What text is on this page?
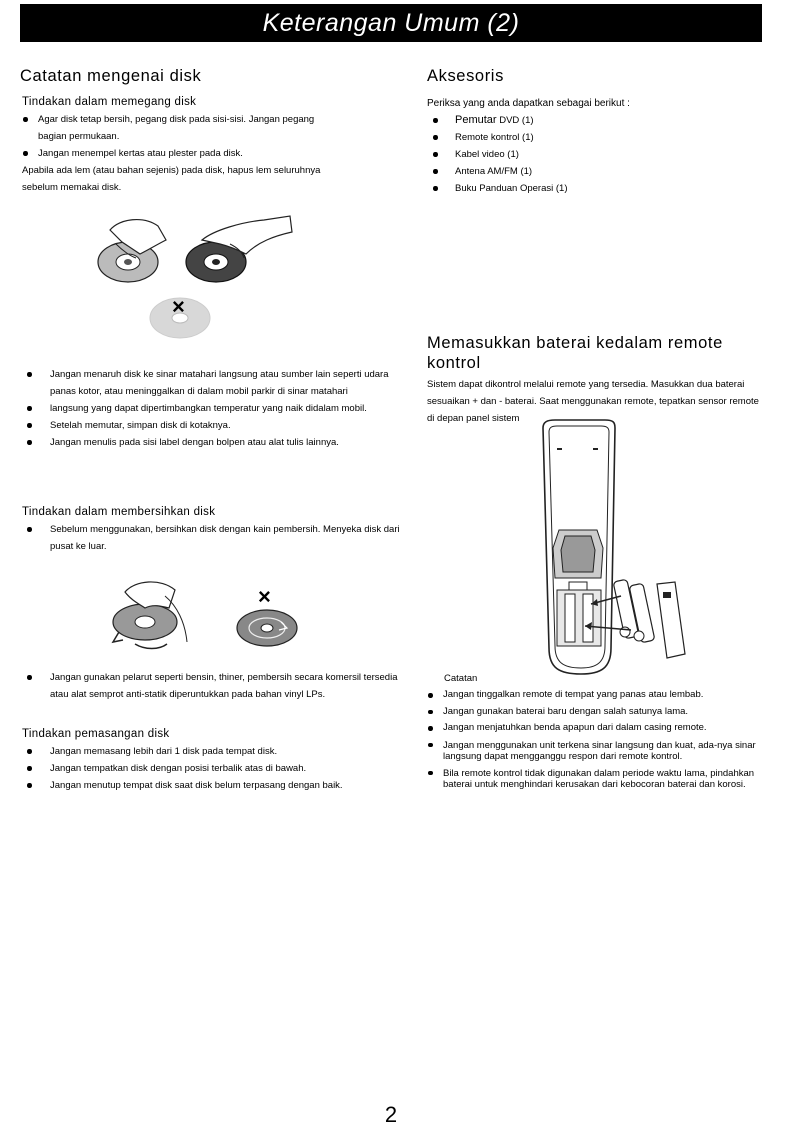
Keterangan Umum (2)
Catatan mengenai disk
Tindakan dalam memegang disk
Agar disk tetap bersih, pegang disk pada sisi-sisi. Jangan pegang bagian permukaan.
Jangan menempel kertas atau plester pada disk.

Apabila ada lem (atau bahan sejenis) pada disk, hapus lem seluruhnya sebelum memakai disk.

×
Jangan menaruh disk ke sinar matahari langsung atau sumber lain seperti udara panas kotor, atau meninggalkan di dalam mobil parkir di sinar matahari
langsung yang dapat dipertimbangkan temperatur yang naik didalam mobil.
Setelah memutar, simpan disk di kotaknya.
Jangan menulis pada sisi label dengan bolpen atau alat tulis lainnya.
Tindakan dalam membersihkan disk
Sebelum menggunakan, bersihkan disk dengan kain pembersih. Menyeka disk dari pusat ke luar.
×
Jangan gunakan pelarut seperti bensin, thiner, pembersih secara komersil tersedia atau alat semprot anti-statik diperuntukkan pada bahan vinyl LPs.
Tindakan pemasangan disk
Jangan memasang lebih dari 1 disk pada tempat disk.
Jangan tempatkan disk dengan posisi terbalik atas di bawah.
Jangan menutup tempat disk saat disk belum terpasang dengan baik.
Aksesoris

Periksa yang anda dapatkan sebagai berikut :

Pemutar DVD (1)
Remote kontrol (1)
Kabel video (1)
Antena AM/FM (1)
Buku Panduan Operasi (1)
Memasukkan baterai kedalam remote
kontrol

Sistem dapat dikontrol melalui remote yang tersedia. Masukkan dua baterai sesuaikan + dan - baterai. Saat menggunakan remote, tepatkan sensor remote di depan panel sistem

Catatan

Jangan tinggalkan remote di tempat yang panas atau lembab.
Jangan gunakan baterai baru dengan salah satunya lama.
Jangan menjatuhkan benda apapun dari dalam casing remote.
Jangan menggunakan unit terkena sinar langsung dan kuat, ada-nya sinar langsung dapat mengganggu respon dari remote kontrol.
Bila remote kontrol tidak digunakan dalam periode waktu lama, pindahkan baterai untuk menghindari kerusakan dari kebocoran baterai dan korosi.
2
